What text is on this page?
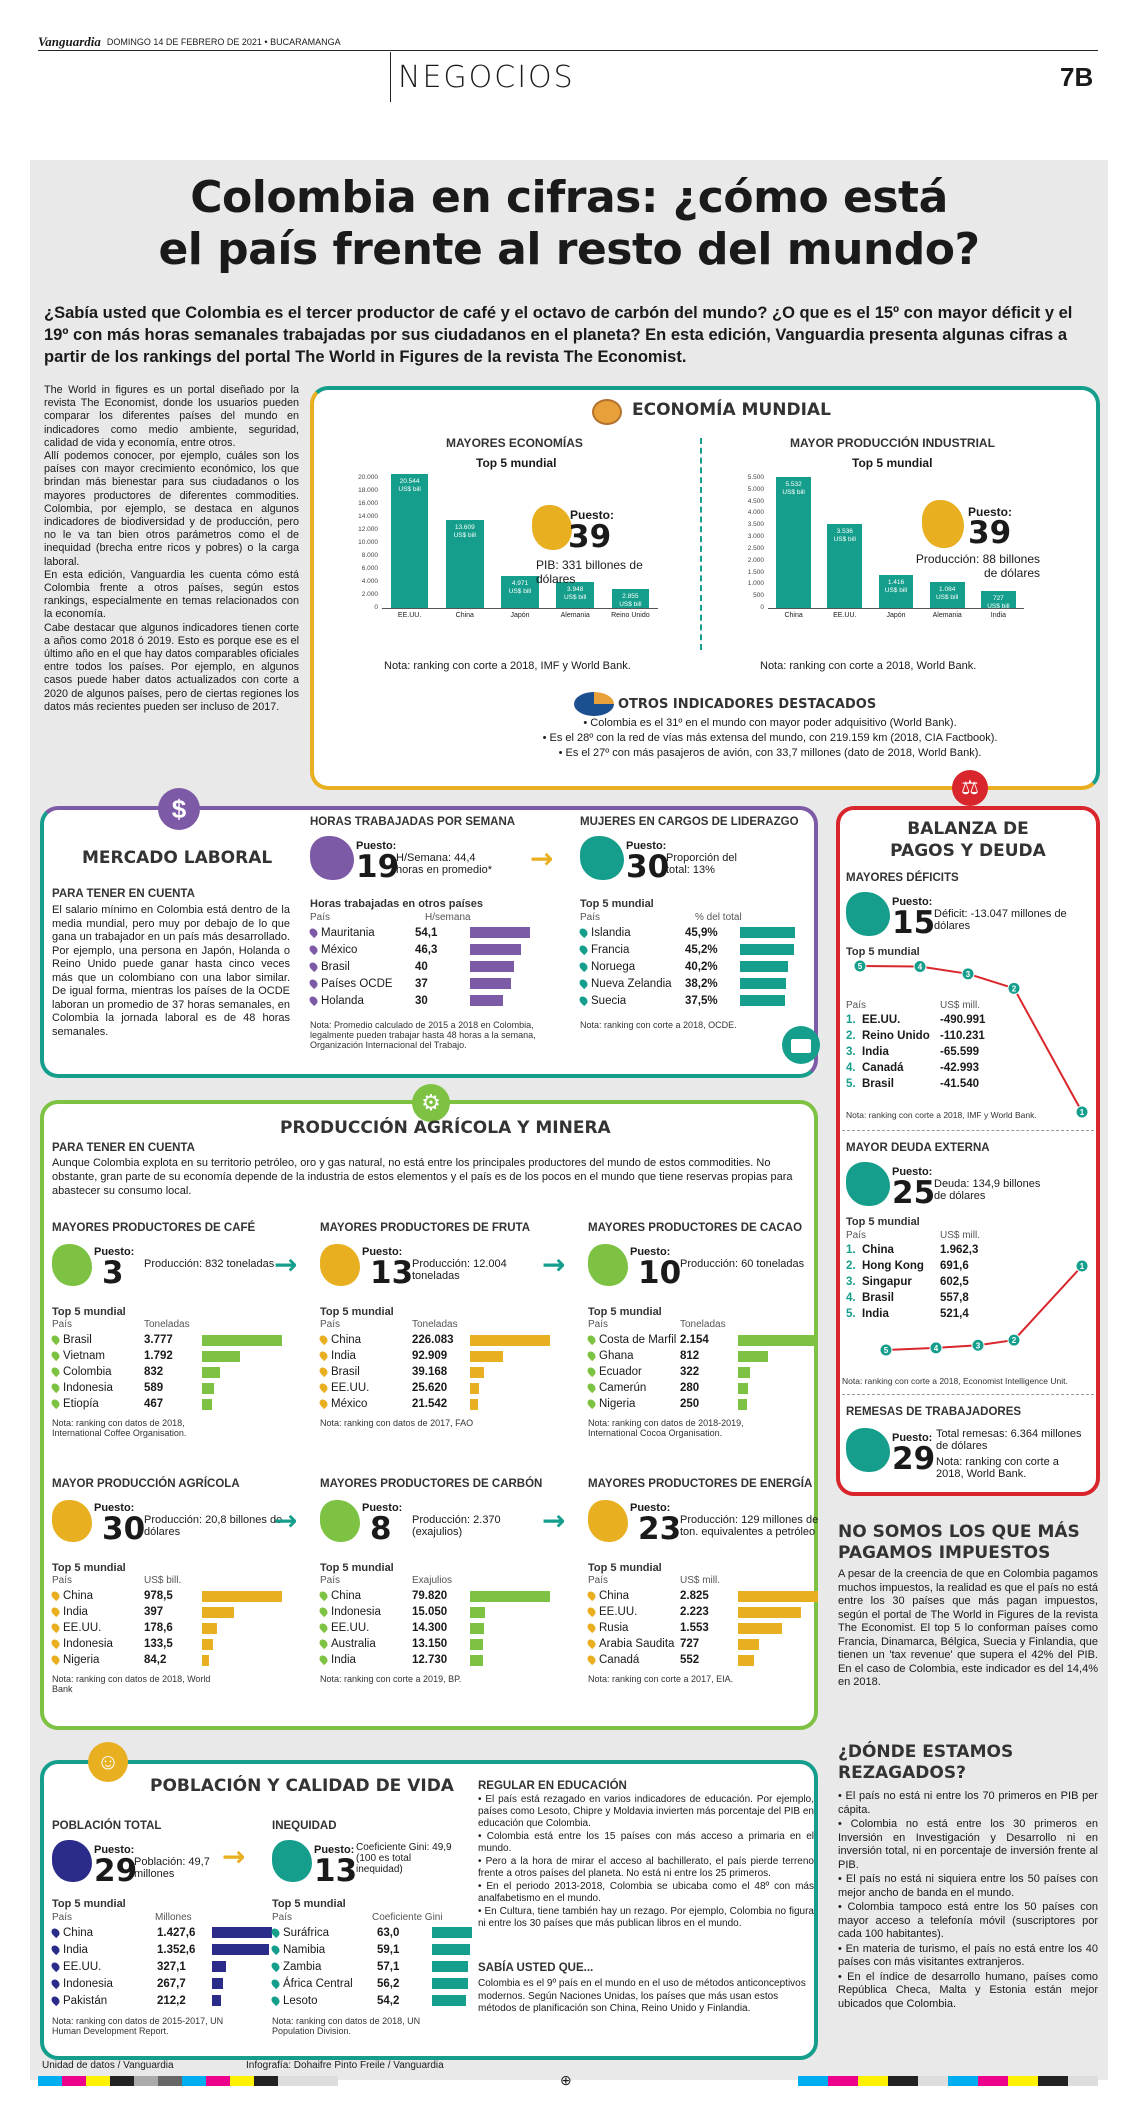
Vanguardia DOMINGO 14 DE FEBRERO DE 2021 • BUCARAMANGA
NEGOCIOS	7B
Colombia en cifras: ¿cómo está
el país frente al resto del mundo?
¿Sabía usted que Colombia es el tercer productor de café y el octavo de carbón del mundo? ¿O que es el 15º con mayor déficit y el 19º con más horas semanales trabajadas por sus ciudadanos en el planeta? En esta edición, Vanguardia presenta algunas cifras a partir de los rankings del portal The World in Figures de la revista The Economist.

The World in figures es un portal diseñado por la revista The Economist, donde los usuarios pueden comparar los diferentes países del mundo en indicadores como medio ambiente, seguridad, calidad de vida y economía, entre otros.

Allí podemos conocer, por ejemplo, cuáles son los países con mayor crecimiento económico, los que brindan más bienestar para sus ciudadanos o los mayores productores de diferentes commodities. Colombia, por ejemplo, se destaca en algunos indicadores de biodiversidad y de producción, pero no le va tan bien otros parámetros como el de inequidad (brecha entre ricos y pobres) o la carga laboral.

En esta edición, Vanguardia les cuenta cómo está Colombia frente a otros países, según estos rankings, especialmente en temas relacionados con la economía.

Cabe destacar que algunos indicadores tienen corte a años como 2018 ó 2019. Esto es porque ese es el último año en el que hay datos comparables oficiales entre todos los países. Por ejemplo, en algunos casos puede haber datos actualizados con corte a 2020 de algunos países, pero de ciertas regiones los datos más recientes pueden ser incluso de 2017.

ECONOMÍA MUNDIAL
MAYORES ECONOMÍAS
Top 5 mundial
20.000
18.000
16.000
14.000
12.000
10.000
8.000
6.000
4.000
2.000
0
20.544
US$ bill
EE.UU.
13.609
US$ bill
China
4.971
US$ bill
Japón
3.948
US$ bill
Alemania
2.855
US$ bill
Reino Unido
Puesto:
39
PIB: 331 billones de dólares
Nota: ranking con corte a 2018, IMF y World Bank.
MAYOR PRODUCCIÓN INDUSTRIAL
Top 5 mundial
5.500
5.000
4.500
4.000
3.500
3.000
2.500
2.000
1.500
1.000
500
0
5.532
US$ bill
China
3.536
US$ bill
EE.UU.
1.416
US$ bill
Japón
1.084
US$ bill
Alemania
727
US$ bill
India
Puesto:
39
Producción: 88 billones de dólares
Nota: ranking con corte a 2018, World Bank.
OTROS INDICADORES DESTACADOS
• Colombia es el 31º en el mundo con mayor poder adquisitivo (World Bank).
• Es el 28º con la red de vías más extensa del mundo, con 219.159 km (2018, CIA Factbook).
• Es el 27º con más pasajeros de avión, con 33,7 millones (dato de 2018, World Bank).
$
MERCADO LABORAL
PARA TENER EN CUENTA
El salario mínimo en Colombia está dentro de la media mundial, pero muy por debajo de lo que gana un trabajador en un país más desarrollado. Por ejemplo, una persona en Japón, Holanda o Reino Unido puede ganar hasta cinco veces más que un colombiano con una labor similar. De igual forma, mientras los países de la OCDE laboran un promedio de 37 horas semanales, en Colombia la jornada laboral es de 48 horas semanales.
HORAS TRABAJADAS POR SEMANA
Puesto:
19
H/Semana: 44,4 horas en promedio*
Horas trabajadas en otros países
País	H/semana
Mauritania	54,1
México	46,3
Brasil	40
Países OCDE	37
Holanda	30
Nota: Promedio calculado de 2015 a 2018 en Colombia, legalmente pueden trabajar hasta 48 horas a la semana, Organización Internacional del Trabajo.
→
MUJERES EN CARGOS DE LIDERAZGO
Puesto:
30
Proporción del total: 13%
Top 5 mundial
País	% del total
Islandia	45,9%
Francia	45,2%
Noruega	40,2%
Nueva Zelandia	38,2%
Suecia	37,5%
Nota: ranking con corte a 2018, OCDE.
⚖
BALANZA DE
PAGOS Y DEUDA
MAYORES DÉFICITS
Puesto:
15
Déficit: -13.047 millones de dólares
Top 5 mundial
5	4
3
2
1
País	US$ mill.
1. EE.UU.	-490.991
2. Reino Unido -110.231
3. India	-65.599
4. Canadá	-42.993
5. Brasil	-41.540
Nota: ranking con corte a 2018, IMF y World Bank.
MAYOR DEUDA EXTERNA
Puesto:
25
Deuda: 134,9 billones de dólares
Top 5 mundial
País	US$ mill.
1. China	1.962,3
2. Hong Kong	691,6
3. Singapur	602,5
4. Brasil	557,8
5. India	521,4
5	4	3
2
1
Nota: ranking con corte a 2018, Economist Intelligence Unit.
REMESAS DE TRABAJADORES
Puesto:
29
Total remesas: 6.364 millones de dólares
Nota: ranking con corte a 2018, World Bank.
⚙
PRODUCCIÓN AGRÍCOLA Y MINERA
PARA TENER EN CUENTA
Aunque Colombia explota en su territorio petróleo, oro y gas natural, no está entre los principales productores del mundo de estos commodities. No obstante, gran parte de su economía depende de la industria de estos elementos y el país es de los pocos en el mundo que tiene reservas propias para abastecer su consumo local.
MAYORES PRODUCTORES DE CAFÉ
Puesto:
3 Producción: 832 toneladas
Top 5 mundial
País	Toneladas
Brasil	3.777
Vietnam	1.792
Colombia	832
Indonesia	589
Etiopía	467
Nota: ranking con datos de 2018, International Coffee Organisation.
→
MAYORES PRODUCTORES DE FRUTA
Puesto:
13
Producción: 12.004 toneladas
Top 5 mundial
País	Toneladas
China	226.083
India	92.909
Brasil	39.168
EE.UU.	25.620
México	21.542
Nota: ranking con datos de 2017, FAO
→
MAYORES PRODUCTORES DE CACAO
Puesto:
10
Producción: 60 toneladas
Top 5 mundial
País	Toneladas
Costa de Marfil 2.154
Ghana	812
Ecuador	322
Camerún	280
Nigeria	250
Nota: ranking con datos de 2018-2019, International Cocoa Organisation.
MAYOR PRODUCCIÓN AGRÍCOLA
Puesto:
30
Producción: 20,8 billones de dólares
Top 5 mundial
País	US$ bill.
China	978,5
India	397
EE.UU.	178,6
Indonesia	133,5
Nigeria	84,2
Nota: ranking con datos de 2018, World Bank
→
MAYORES PRODUCTORES DE CARBÓN
Puesto:
8 Producción: 2.370 (exajulios)
Top 5 mundial
País	Exajulios
China	79.820
Indonesia	15.050
EE.UU.	14.300
Australia	13.150
India	12.730
Nota: ranking con corte a 2019, BP.
→
MAYORES PRODUCTORES DE ENERGÍA
Puesto:
23
Producción: 129 millones de ton. equivalentes a petróleo
Top 5 mundial
País	US$ mill.
China	2.825
EE.UU.	2.223
Rusia	1.553
Arabia Saudita 727
Canadá	552
Nota: ranking con corte a 2017, EIA.
NO SOMOS LOS QUE MÁS PAGAMOS IMPUESTOS
A pesar de la creencia de que en Colombia pagamos muchos impuestos, la realidad es que el país no está entre los 30 países que más pagan impuestos, según el portal de The World in Figures de la revista The Economist. El top 5 lo conforman países como Francia, Dinamarca, Bélgica, Suecia y Finlandia, que tienen un 'tax revenue' que supera el 42% del PIB. En el caso de Colombia, este indicador es del 14,4% en 2018.
¿DÓNDE ESTAMOS REZAGADOS?
• El país no está ni entre los 70 primeros en PIB per cápita.
• Colombia no está entre los 30 primeros en Inversión en Investigación y Desarrollo ni en inversión total, ni en porcentaje de inversión frente al PIB.
• El país no está ni siquiera entre los 50 países con mejor ancho de banda en el mundo.
• Colombia tampoco está entre los 50 países con mayor acceso a telefonía móvil (suscriptores por cada 100 habitantes).
• En materia de turismo, el país no está entre los 40 países con más visitantes extranjeros.
• En el índice de desarrollo humano, países como República Checa, Malta y Estonia están mejor ubicados que Colombia.
☺
POBLACIÓN Y CALIDAD DE VIDA
POBLACIÓN TOTAL
Puesto:
29
Población: 49,7 millones
Top 5 mundial
País	Millones
China	1.427,6
India	1.352,6
EE.UU.	327,1
Indonesia	267,7
Pakistán	212,2
Nota: ranking con datos de 2015-2017, UN Human Development Report.
→
INEQUIDAD
Puesto:
13
Coeficiente Gini: 49,9 (100 es total inequidad)
Top 5 mundial
País	Coeficiente Gini
Suráfrica	63,0
Namibia	59,1
Zambia	57,1
África Central	56,2
Lesoto	54,2
Nota: ranking con datos de 2018, UN Population Division.
REGULAR EN EDUCACIÓN
• El país está rezagado en varios indicadores de educación. Por ejemplo, países como Lesoto, Chipre y Moldavia invierten más porcentaje del PIB en educación que Colombia.
• Colombia está entre los 15 países con más acceso a primaria en el mundo.
• Pero a la hora de mirar el acceso al bachillerato, el país pierde terreno frente a otros países del planeta. No está ni entre los 25 primeros.
• En el periodo 2013-2018, Colombia se ubicaba como el 48º con más analfabetismo en el mundo.
• En Cultura, tiene también hay un rezago. Por ejemplo, Colombia no figura ni entre los 30 países que más publican libros en el mundo.
SABÍA USTED QUE...
Colombia es el 9º país en el mundo en el uso de métodos anticonceptivos modernos. Según Naciones Unidas, los países que más usan estos métodos de planificación son China, Reino Unido y Finlandia.
Unidad de datos / Vanguardia	Infografía: Dohaifre Pinto Freile / Vanguardia
⊕
